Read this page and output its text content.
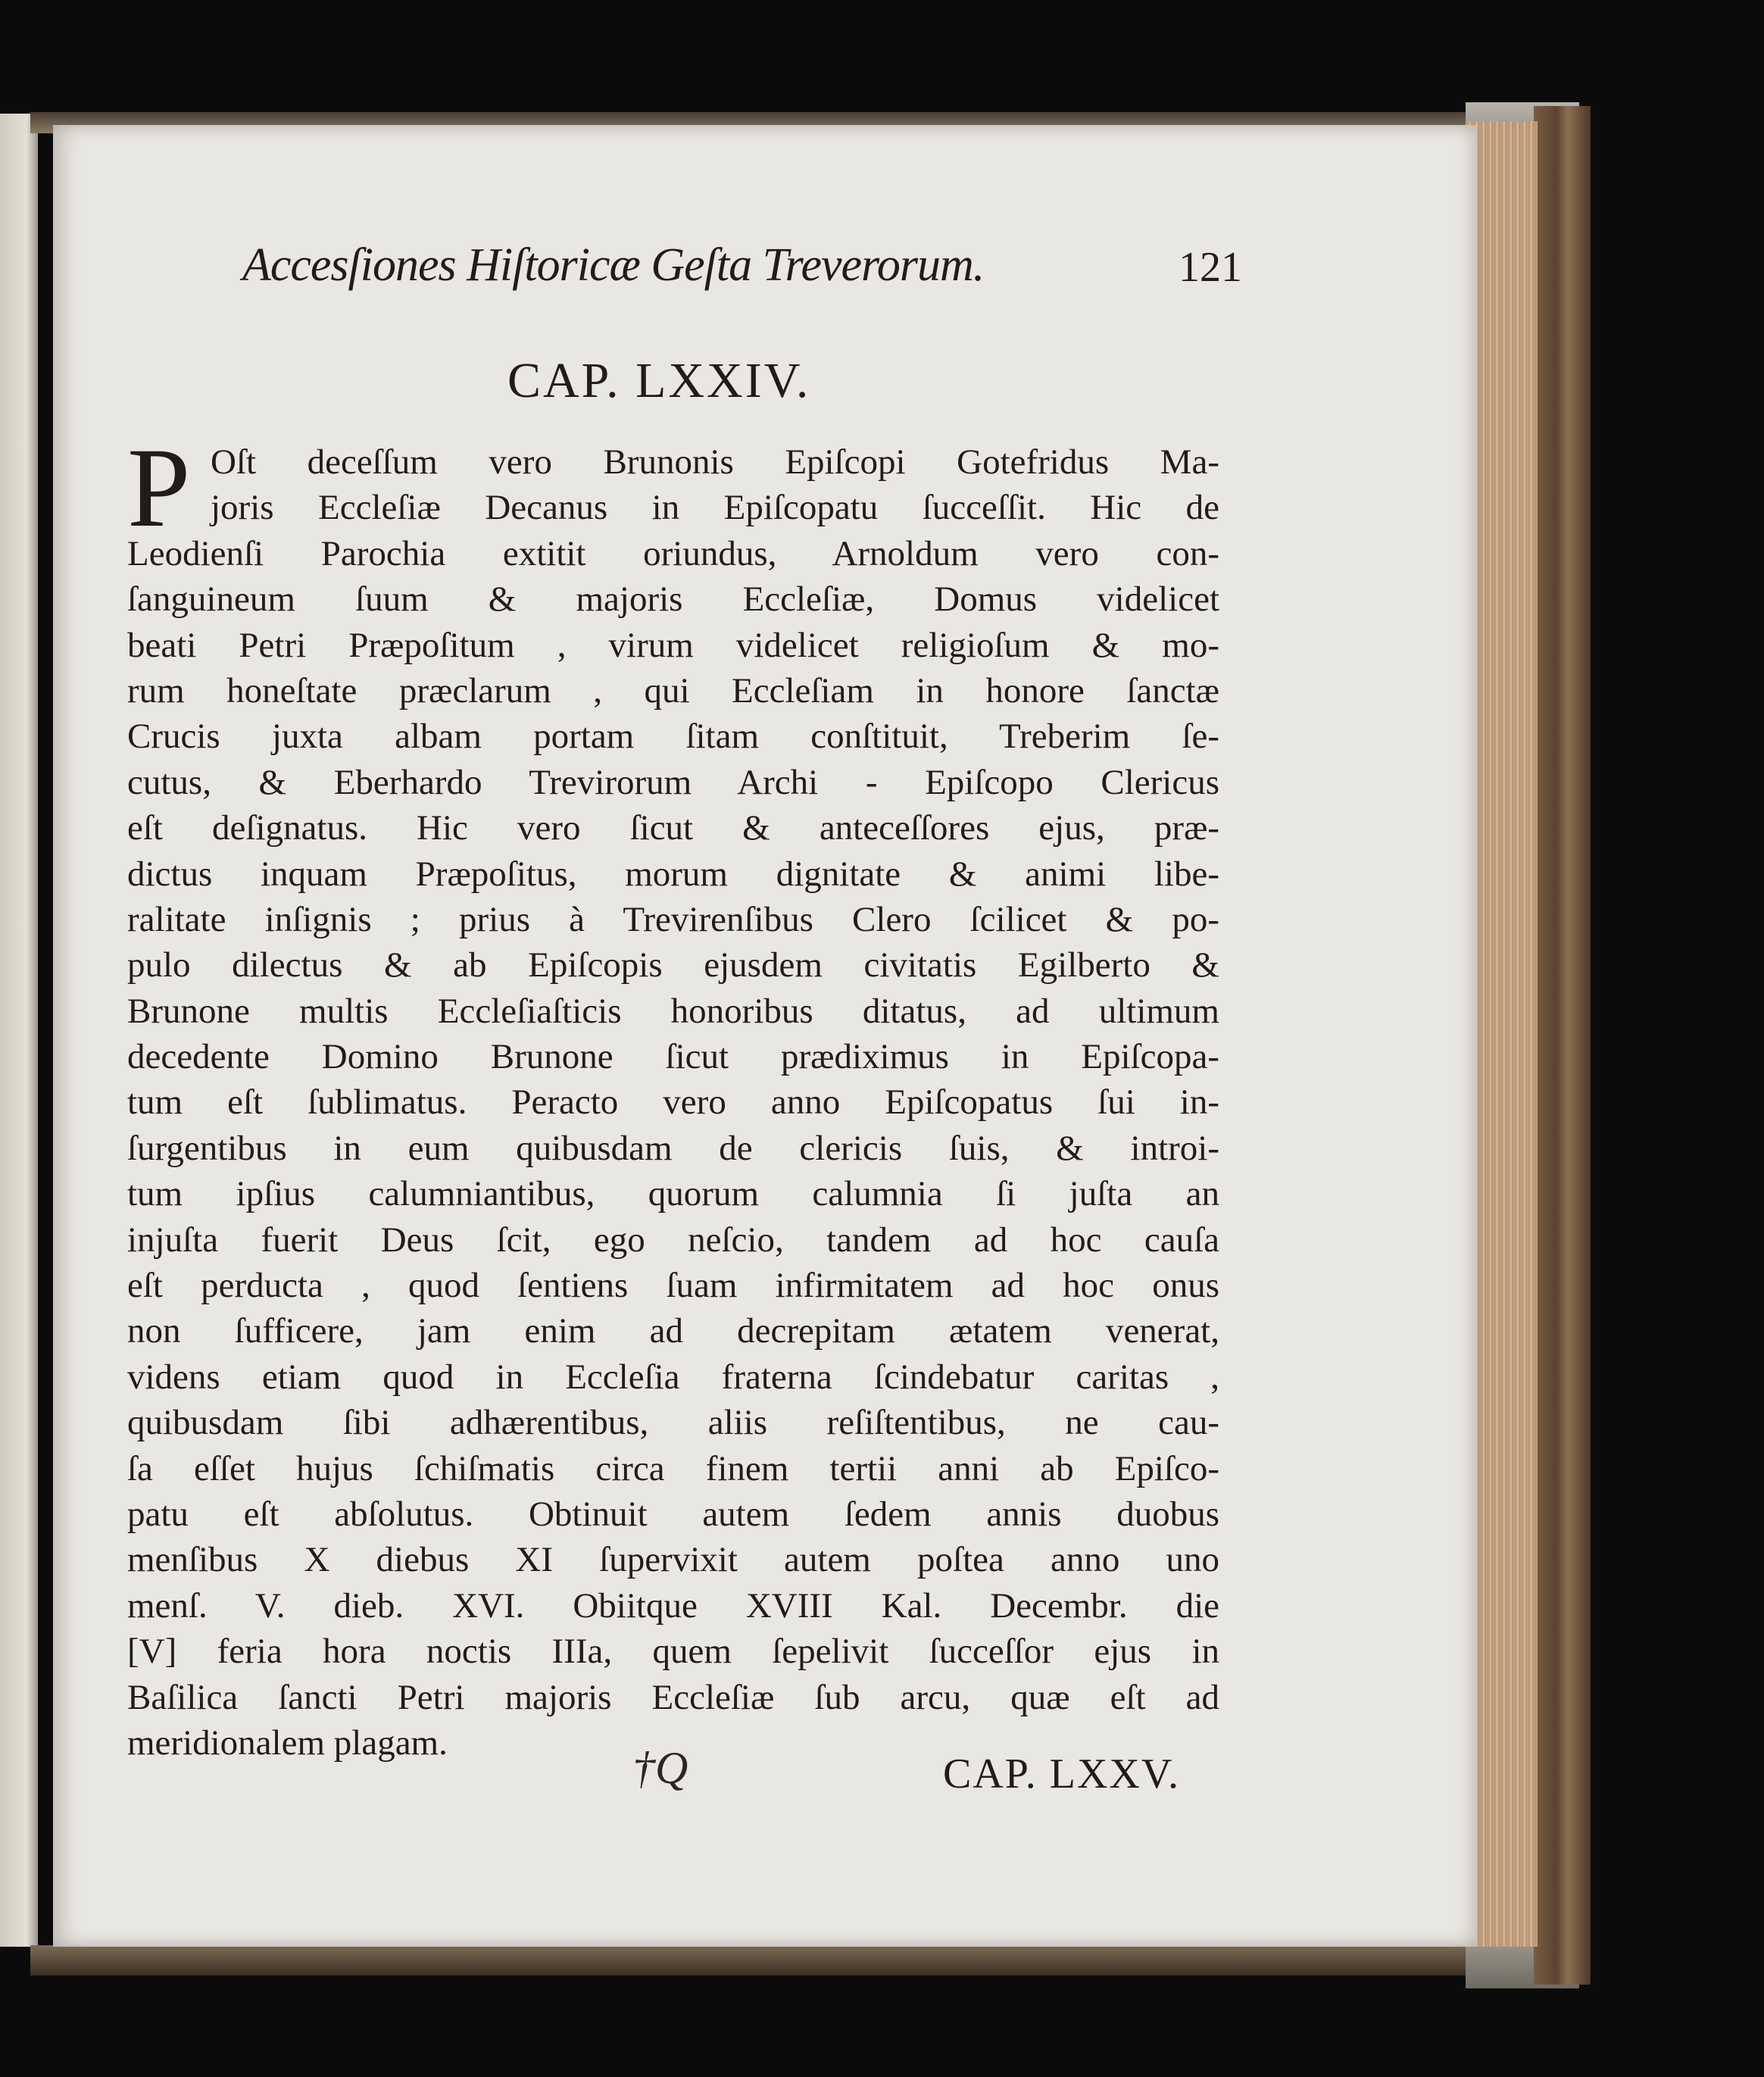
Accesſiones Hiſtoricæ Geſta Treverorum.	121
CAP. LXXIV.
P Oſt deceſſum vero Brunonis Epiſcopi Gotefridus Ma-
joris Eccleſiæ Decanus in Epiſcopatu ſucceſſit. Hic de
Leodienſi Parochia extitit oriundus, Arnoldum vero con-
ſanguineum ſuum & majoris Eccleſiæ, Domus videlicet
beati Petri Præpoſitum , virum videlicet religioſum & mo-
rum honeſtate præclarum , qui Eccleſiam in honore ſanctæ
Crucis juxta albam portam ſitam conſtituit, Treberim ſe-
cutus, & Eberhardo Trevirorum Archi - Epiſcopo Clericus
eſt deſignatus. Hic vero ſicut & anteceſſores ejus, præ-
dictus inquam Præpoſitus, morum dignitate & animi libe-
ralitate inſignis ; prius à Trevirenſibus Clero ſcilicet & po-
pulo dilectus & ab Epiſcopis ejusdem civitatis Egilberto &
Brunone multis Eccleſiaſticis honoribus ditatus, ad ultimum
decedente Domino Brunone ſicut prædiximus in Epiſcopa-
tum eſt ſublimatus. Peracto vero anno Epiſcopatus ſui in-
ſurgentibus in eum quibusdam de clericis ſuis, & introi-
tum ipſius calumniantibus, quorum calumnia ſi juſta an
injuſta fuerit Deus ſcit, ego neſcio, tandem ad hoc cauſa
eſt perducta , quod ſentiens ſuam infirmitatem ad hoc onus
non ſufficere, jam enim ad decrepitam ætatem venerat,
videns etiam quod in Eccleſia fraterna ſcindebatur caritas ,
quibusdam ſibi adhærentibus, aliis reſiſtentibus, ne cau-
ſa eſſet hujus ſchiſmatis circa finem tertii anni ab Epiſco-
patu eſt abſolutus. Obtinuit autem ſedem annis duobus
menſibus X diebus XI ſupervixit autem poſtea anno uno
menſ. V. dieb. XVI. Obiitque XVIII Kal. Decembr. die
[V] feria hora noctis IIIa, quem ſepelivit ſucceſſor ejus in
Baſilica ſancti Petri majoris Eccleſiæ ſub arcu, quæ eſt ad
meridionalem plagam.
†Q	CAP. LXXV.
